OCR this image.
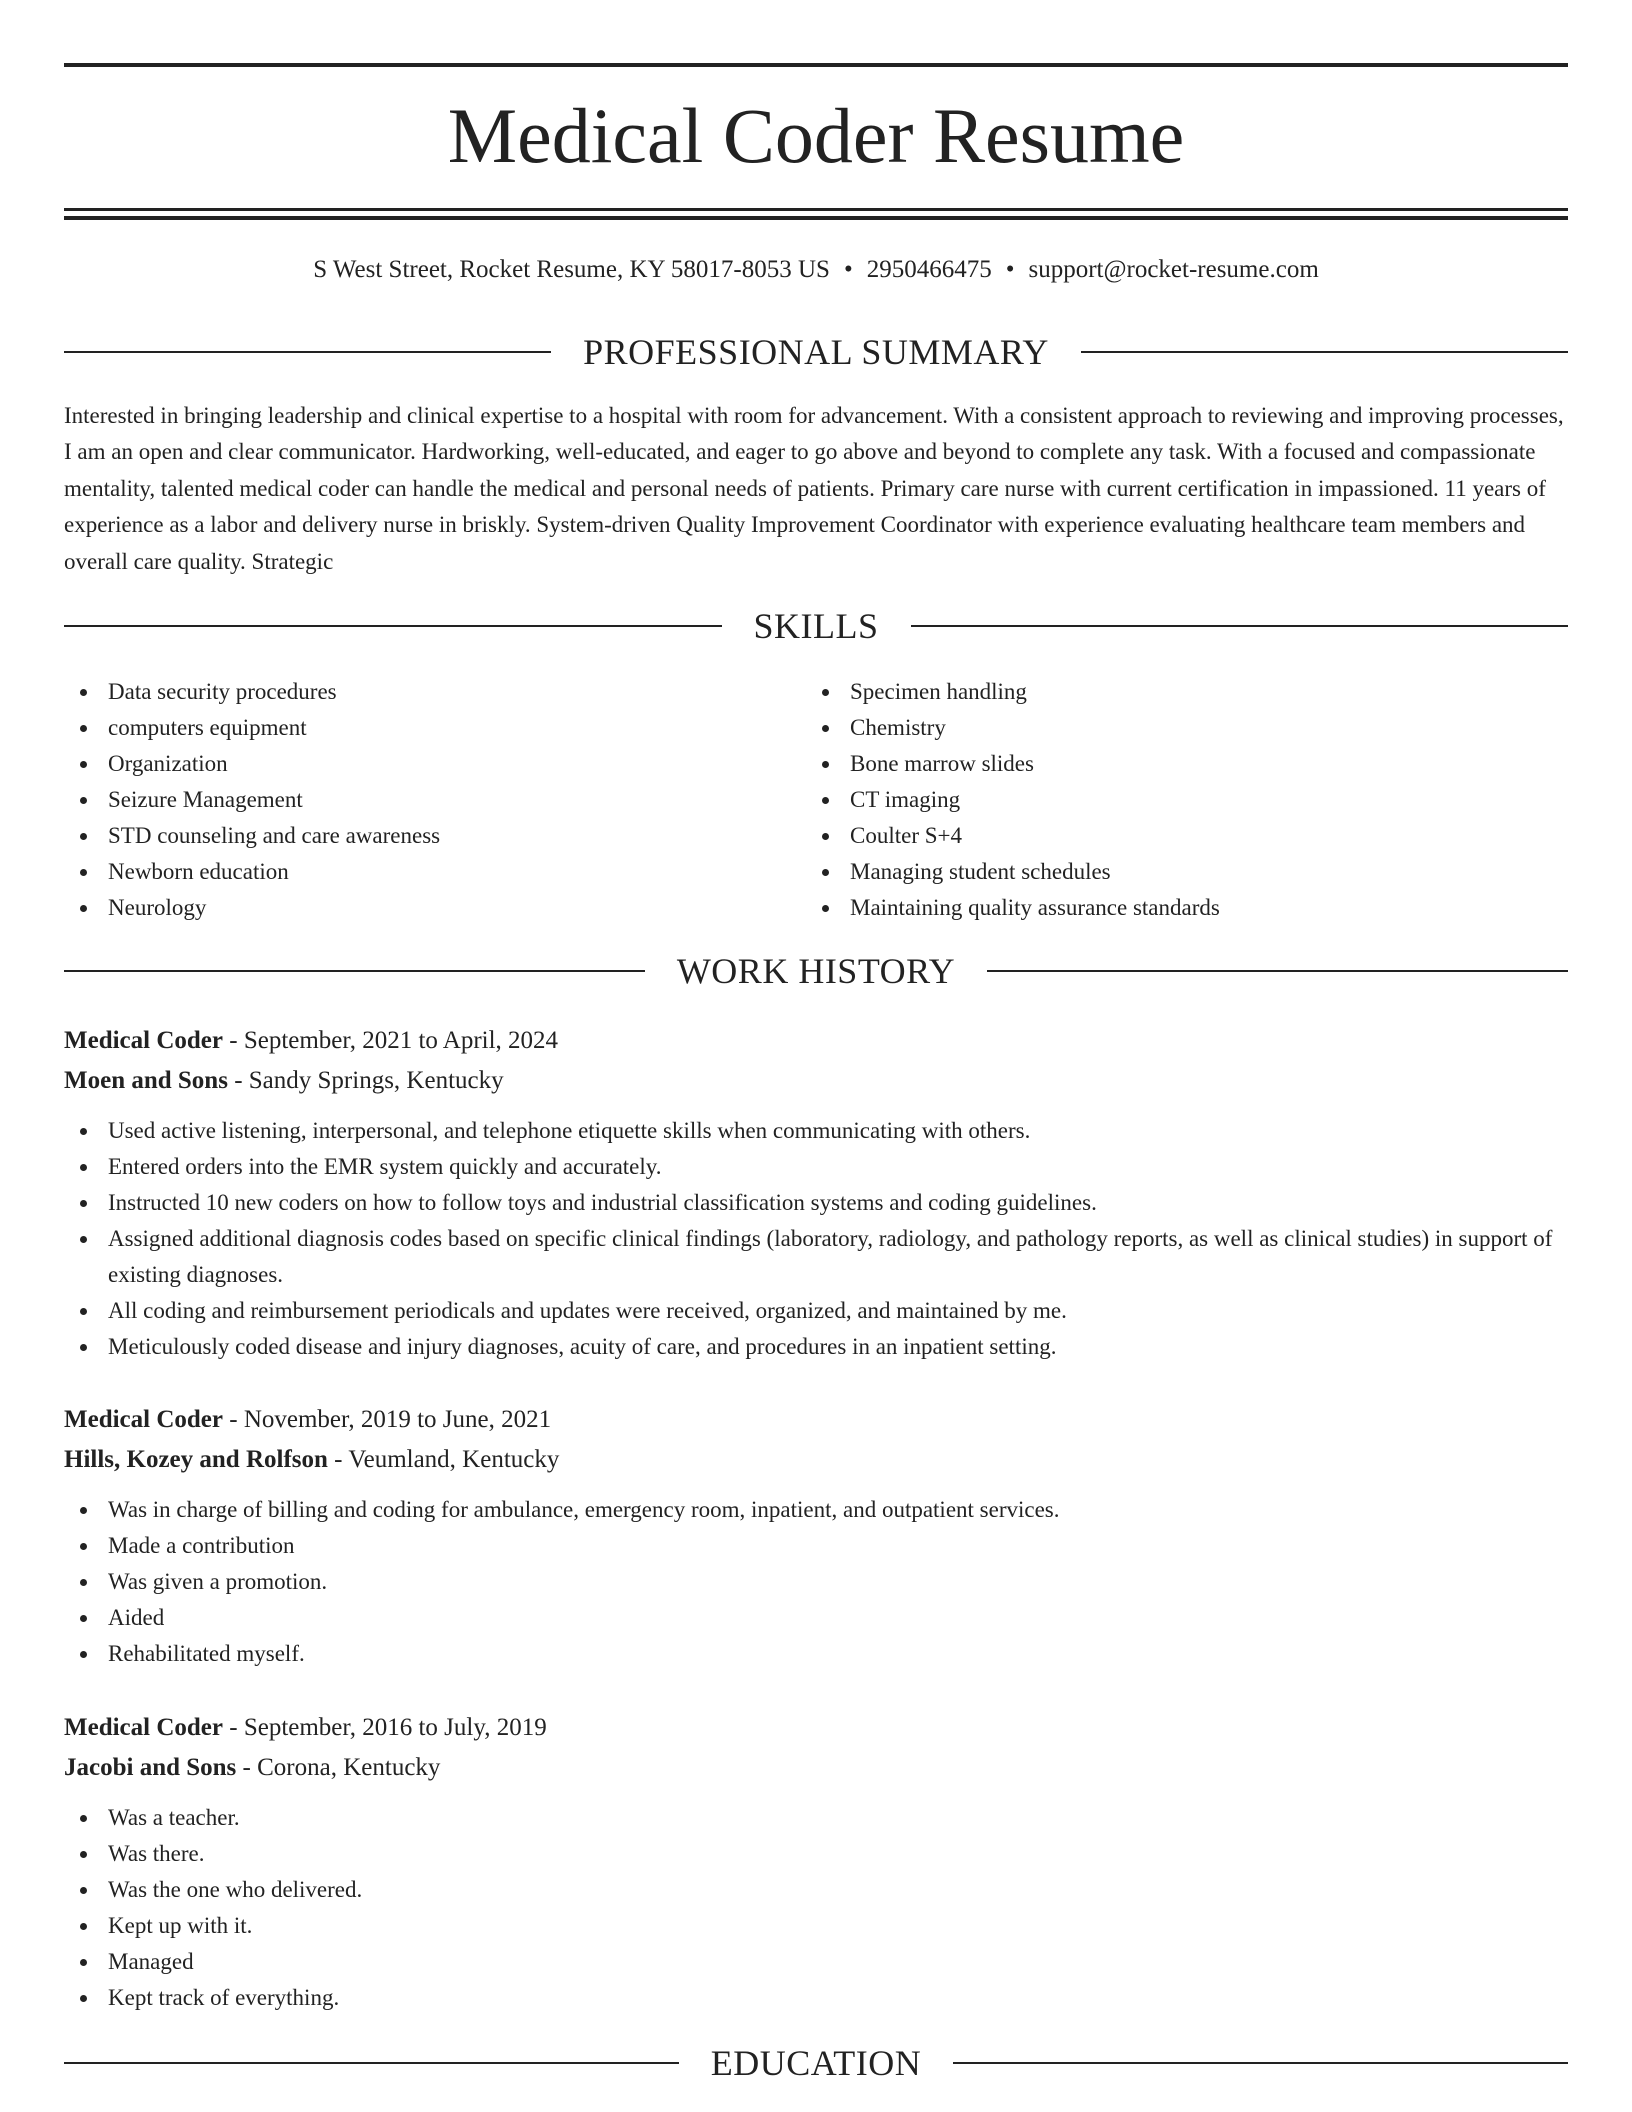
Medical Coder Resume
S West Street, Rocket Resume, KY 58017-8053 US • 2950466475 • support@rocket-resume.com
PROFESSIONAL SUMMARY

Interested in bringing leadership and clinical expertise to a hospital with room for advancement. With a consistent approach to reviewing and improving processes, I am an open and clear communicator. Hardworking, well-educated, and eager to go above and beyond to complete any task. With a focused and compassionate mentality, talented medical coder can handle the medical and personal needs of patients. Primary care nurse with current certification in impassioned. 11 years of experience as a labor and delivery nurse in briskly. System-driven Quality Improvement Coordinator with experience evaluating healthcare team members and overall care quality. Strategic

SKILLS
Data security procedures
computers equipment
Organization
Seizure Management
STD counseling and care awareness
Newborn education
Neurology
Specimen handling
Chemistry
Bone marrow slides
CT imaging
Coulter S+4
Managing student schedules
Maintaining quality assurance standards
WORK HISTORY
Medical Coder - September, 2021 to April, 2024
Moen and Sons - Sandy Springs, Kentucky
Used active listening, interpersonal, and telephone etiquette skills when communicating with others.
Entered orders into the EMR system quickly and accurately.
Instructed 10 new coders on how to follow toys and industrial classification systems and coding guidelines.
Assigned additional diagnosis codes based on specific clinical findings (laboratory, radiology, and pathology reports, as well as clinical studies) in support of existing diagnoses.
All coding and reimbursement periodicals and updates were received, organized, and maintained by me.
Meticulously coded disease and injury diagnoses, acuity of care, and procedures in an inpatient setting.
Medical Coder - November, 2019 to June, 2021
Hills, Kozey and Rolfson - Veumland, Kentucky
Was in charge of billing and coding for ambulance, emergency room, inpatient, and outpatient services.
Made a contribution
Was given a promotion.
Aided
Rehabilitated myself.
Medical Coder - September, 2016 to July, 2019
Jacobi and Sons - Corona, Kentucky
Was a teacher.
Was there.
Was the one who delivered.
Kept up with it.
Managed
Kept track of everything.
EDUCATION
